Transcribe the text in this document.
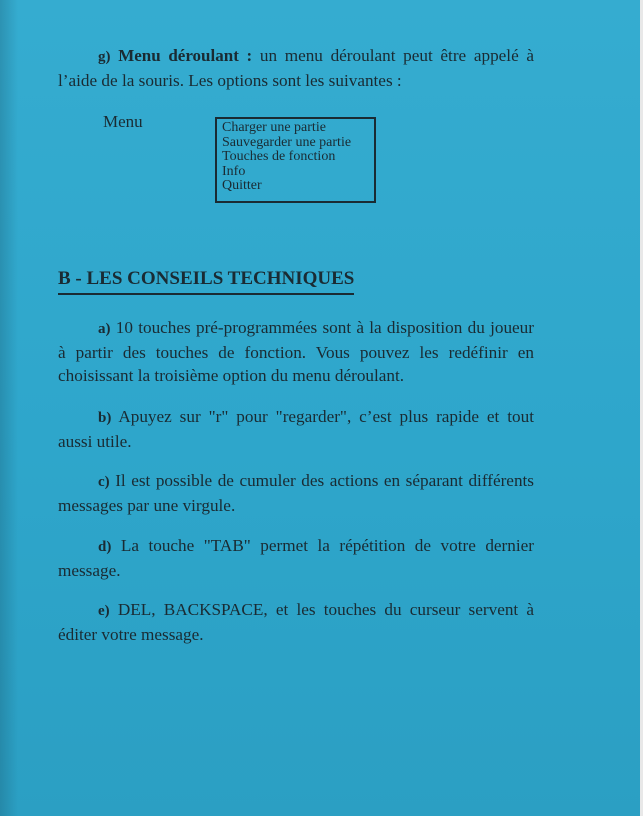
g) Menu déroulant : un menu déroulant peut être appelé à l’aide de la souris. Les options sont les suivantes :

Menu	Charger une partie
Sauvegarder une partie
Touches de fonction
Info
Quitter
B - LES CONSEILS TECHNIQUES

a) 10 touches pré-programmées sont à la disposition du joueur à partir des touches de fonction. Vous pouvez les redéfinir en choisissant la troisième option du menu déroulant.

b) Apuyez sur "r" pour "regarder", c’est plus rapide et tout aussi utile.

c) Il est possible de cumuler des actions en séparant différents messages par une virgule.

d) La touche "TAB" permet la répétition de votre dernier message.

e) DEL, BACKSPACE, et les touches du curseur servent à éditer votre message.
